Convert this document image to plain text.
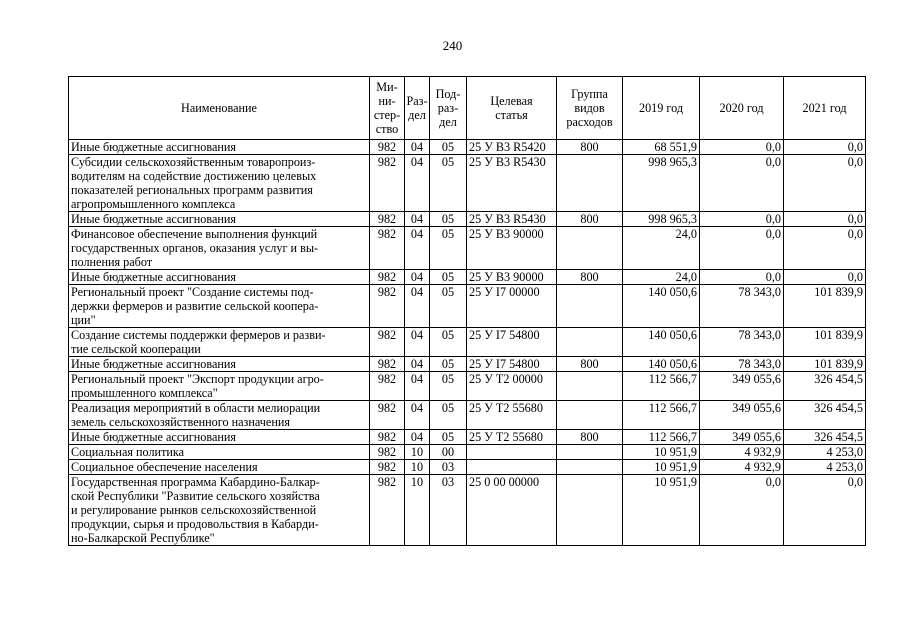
240
Наименование	Ми-
ни-
стер-
ство	Раз-
дел	Под-
раз-
дел	Целевая
статья	Группа
видов
расходов	2019 год	2020 год	2021 год
Иные бюджетные ассигнования	982	04	05	25 У В3 R5420	800	68 551,9	0,0	0,0
Субсидии сельскохозяйственным товаропроиз-
водителям на содействие достижению целевых
показателей региональных программ развития
агропромышленного комплекса	982	04	05	25 У В3 R5430		998 965,3	0,0	0,0
Иные бюджетные ассигнования	982	04	05	25 У В3 R5430	800	998 965,3	0,0	0,0
Финансовое обеспечение выполнения функций
государственных органов, оказания услуг и вы-
полнения работ	982	04	05	25 У В3 90000		24,0	0,0	0,0
Иные бюджетные ассигнования	982	04	05	25 У В3 90000	800	24,0	0,0	0,0
Региональный проект "Создание системы под-
держки фермеров и развитие сельской коопера-
ции"	982	04	05	25 У I7 00000		140 050,6	78 343,0	101 839,9
Создание системы поддержки фермеров и разви-
тие сельской кооперации	982	04	05	25 У I7 54800		140 050,6	78 343,0	101 839,9
Иные бюджетные ассигнования	982	04	05	25 У I7 54800	800	140 050,6	78 343,0	101 839,9
Региональный проект "Экспорт продукции агро-
промышленного комплекса"	982	04	05	25 У Т2 00000		112 566,7	349 055,6	326 454,5
Реализация мероприятий в области мелиорации
земель сельскохозяйственного назначения	982	04	05	25 У Т2 55680		112 566,7	349 055,6	326 454,5
Иные бюджетные ассигнования	982	04	05	25 У Т2 55680	800	112 566,7	349 055,6	326 454,5
Социальная политика	982	10	00			10 951,9	4 932,9	4 253,0
Социальное обеспечение населения	982	10	03			10 951,9	4 932,9	4 253,0
Государственная программа Кабардино-Балкар-
ской Республики "Развитие сельского хозяйства
и регулирование рынков сельскохозяйственной
продукции, сырья и продовольствия в Кабарди-
но-Балкарской Республике"	982	10	03	25 0 00 00000		10 951,9	0,0	0,0
